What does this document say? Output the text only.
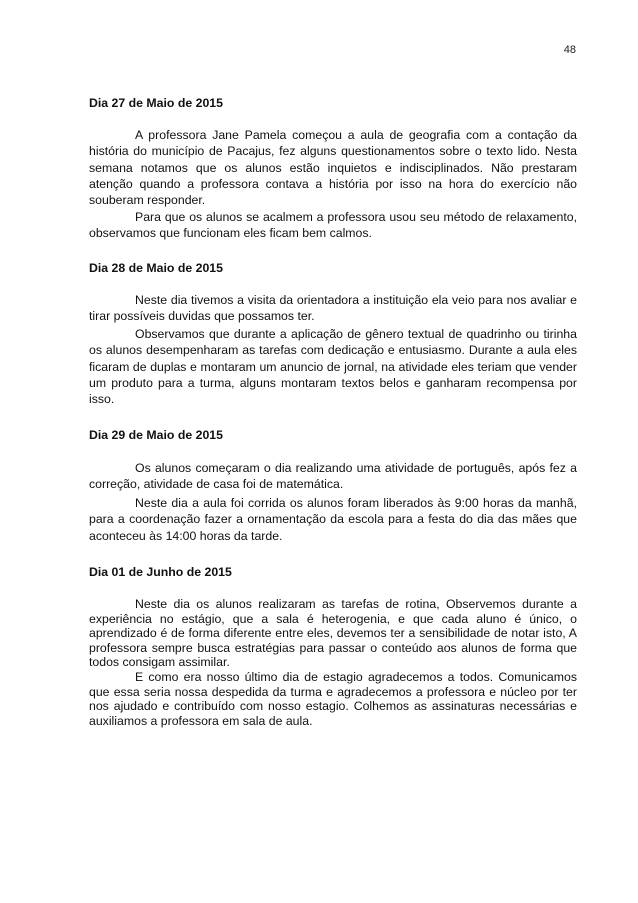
48
Dia 27 de Maio de 2015

A professora Jane Pamela começou a aula de geografia com a contação da história do município de Pacajus, fez alguns questionamentos sobre o texto lido. Nesta semana notamos que os alunos estão inquietos e indisciplinados. Não prestaram atenção quando a professora contava a história por isso na hora do exercício não souberam responder.

Para que os alunos se acalmem a professora usou seu método de relaxamento, observamos que funcionam eles ficam bem calmos.

Dia 28 de Maio de 2015

Neste dia tivemos a visita da orientadora a instituição ela veio para nos avaliar e tirar possíveis duvidas que possamos ter.

Observamos que durante a aplicação de gênero textual de quadrinho ou tirinha os alunos desempenharam as tarefas com dedicação e entusiasmo. Durante a aula eles ficaram de duplas e montaram um anuncio de jornal, na atividade eles teriam que vender um produto para a turma, alguns montaram textos belos e ganharam recompensa por isso.

Dia 29 de Maio de 2015

Os alunos começaram o dia realizando uma atividade de português, após fez a correção, atividade de casa foi de matemática.

Neste dia a aula foi corrida os alunos foram liberados às 9:00 horas da manhã, para a coordenação fazer a ornamentação da escola para a festa do dia das mães que aconteceu às 14:00 horas da tarde.

Dia 01 de Junho de 2015

Neste dia os alunos realizaram as tarefas de rotina, Observemos durante a experiência no estágio, que a sala é heterogenia, e que cada aluno é único, o aprendizado é de forma diferente entre eles, devemos ter a sensibilidade de notar isto, A professora sempre busca estratégias para passar o conteúdo aos alunos de forma que todos consigam assimilar.

E como era nosso último dia de estagio agradecemos a todos. Comunicamos que essa seria nossa despedida da turma e agradecemos a professora e núcleo por ter nos ajudado e contribuído com nosso estagio. Colhemos as assinaturas necessárias e auxiliamos a professora em sala de aula.
